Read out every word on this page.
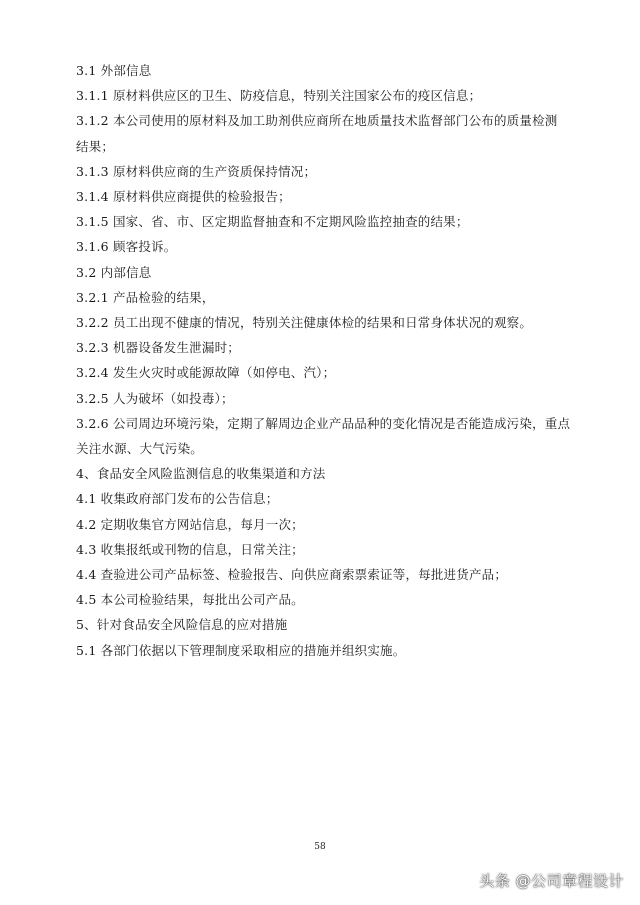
3.1 外部信息
3.1.1 原材料供应区的卫生、防疫信息，特别关注国家公布的疫区信息；
3.1.2 本公司使用的原材料及加工助剂供应商所在地质量技术监督部门公布的质量检测
结果；
3.1.3 原材料供应商的生产资质保持情况；
3.1.4 原材料供应商提供的检验报告；
3.1.5 国家、省、市、区定期监督抽查和不定期风险监控抽查的结果；
3.1.6 顾客投诉。
3.2 内部信息
3.2.1 产品检验的结果，
3.2.2 员工出现不健康的情况，特别关注健康体检的结果和日常身体状况的观察。
3.2.3 机器设备发生泄漏时；
3.2.4 发生火灾时或能源故障（如停电、汽）；
3.2.5 人为破坏（如投毒）；
3.2.6 公司周边环境污染，定期了解周边企业产品品种的变化情况是否能造成污染，重点
关注水源、大气污染。
4、食品安全风险监测信息的收集渠道和方法
4.1 收集政府部门发布的公告信息；
4.2 定期收集官方网站信息，每月一次；
4.3 收集报纸或刊物的信息，日常关注；
4.4 查验进公司产品标签、检验报告、向供应商索票索证等，每批进货产品；
4.5 本公司检验结果，每批出公司产品。
5、针对食品安全风险信息的应对措施
5.1 各部门依据以下管理制度采取相应的措施并组织实施。
58
头条 @公司章程设计
